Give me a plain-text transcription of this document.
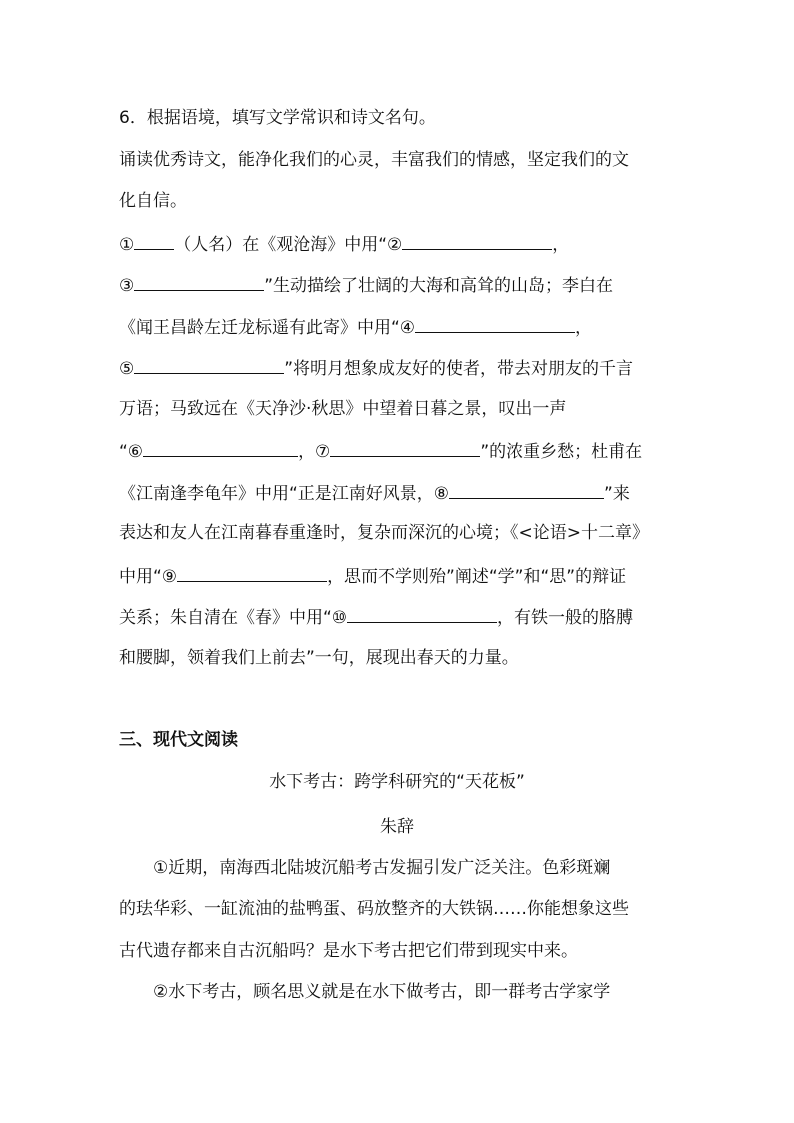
6．根据语境，填写文学常识和诗文名句。
诵读优秀诗文，能净化我们的心灵，丰富我们的情感，坚定我们的文
化自信。
① （人名）在《观沧海》中用“②	，
③	”生动描绘了壮阔的大海和高耸的山岛；李白在
《闻王昌龄左迁龙标遥有此寄》中用“④	，
⑤	”将明月想象成友好的使者，带去对朋友的千言
万语；马致远在《天净沙·秋思》中望着日暮之景，叹出一声
“⑥	，⑦	”的浓重乡愁；杜甫在
《江南逢李龟年》中用“正是江南好风景，⑧	”来
表达和友人在江南暮春重逢时，复杂而深沉的心境；《<论语>十二章》
中用“⑨	，思而不学则殆”阐述“学”和“思”的辩证
关系；朱自清在《春》中用“⑩	，有铁一般的胳膊
和腰脚，领着我们上前去”一句，展现出春天的力量。
三、现代文阅读
水下考古：跨学科研究的“天花板”
朱辞
①近期，南海西北陆坡沉船考古发掘引发广泛关注。色彩斑斓
的珐华彩、一缸流油的盐鸭蛋、码放整齐的大铁锅……你能想象这些
古代遗存都来自古沉船吗？是水下考古把它们带到现实中来。
②水下考古，顾名思义就是在水下做考古，即一群考古学家学
